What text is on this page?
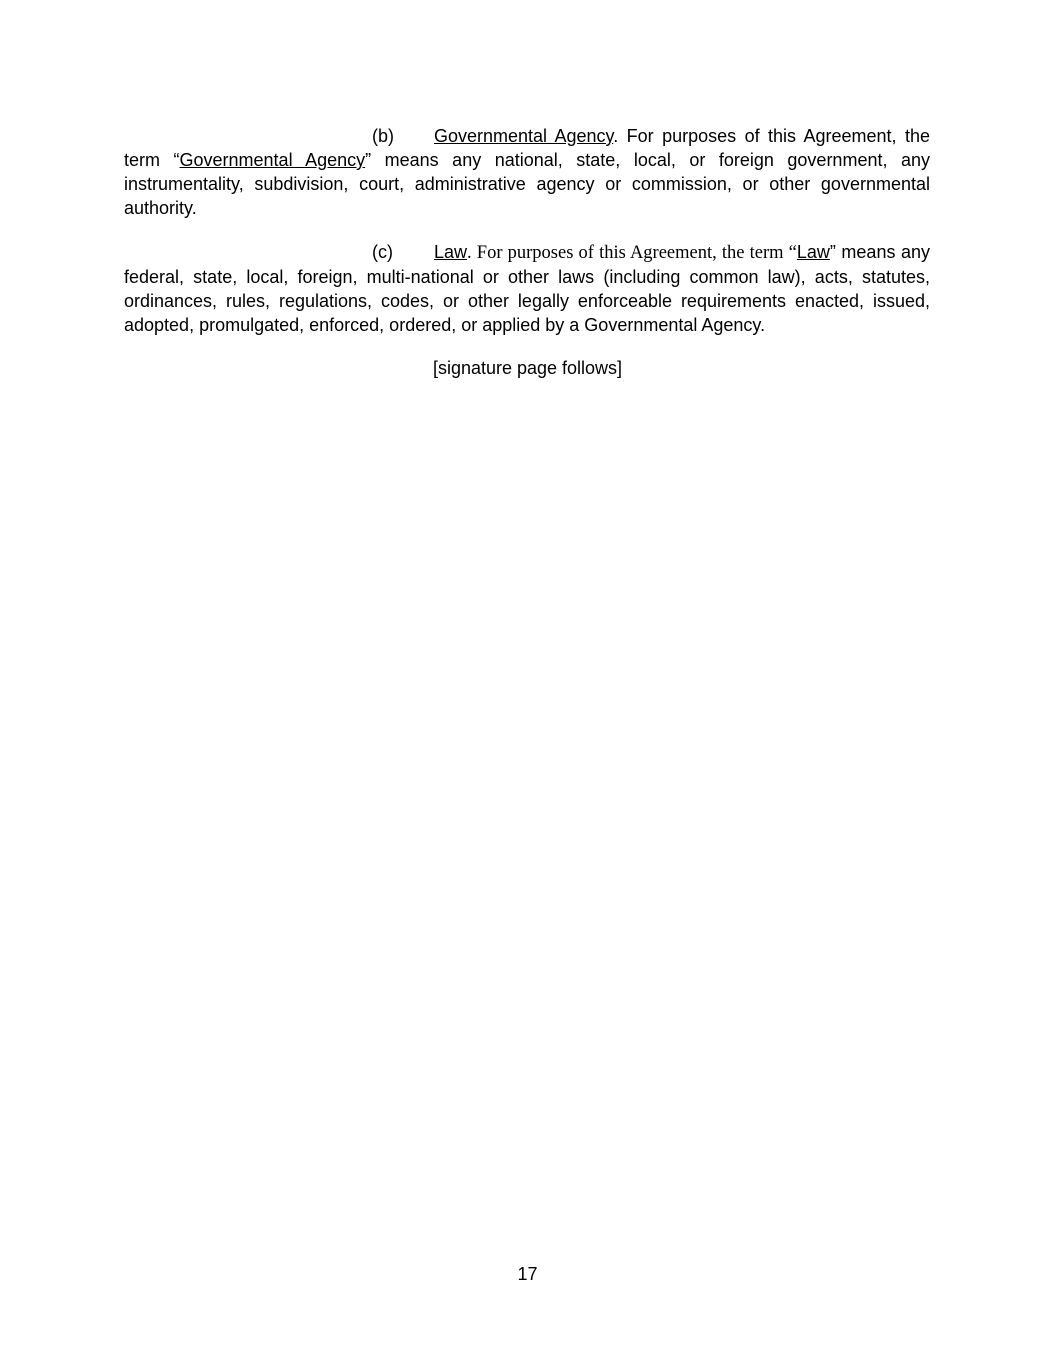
(b) Governmental Agency. For purposes of this Agreement, the term “Governmental Agency” means any national, state, local, or foreign government, any instrumentality, subdivision, court, administrative agency or commission, or other governmental authority.

(c) Law. For purposes of this Agreement, the term “Law” means any federal, state, local, foreign, multi-national or other laws (including common law), acts, statutes, ordinances, rules, regulations, codes, or other legally enforceable requirements enacted, issued, adopted, promulgated, enforced, ordered, or applied by a Governmental Agency.

[signature page follows]
17
